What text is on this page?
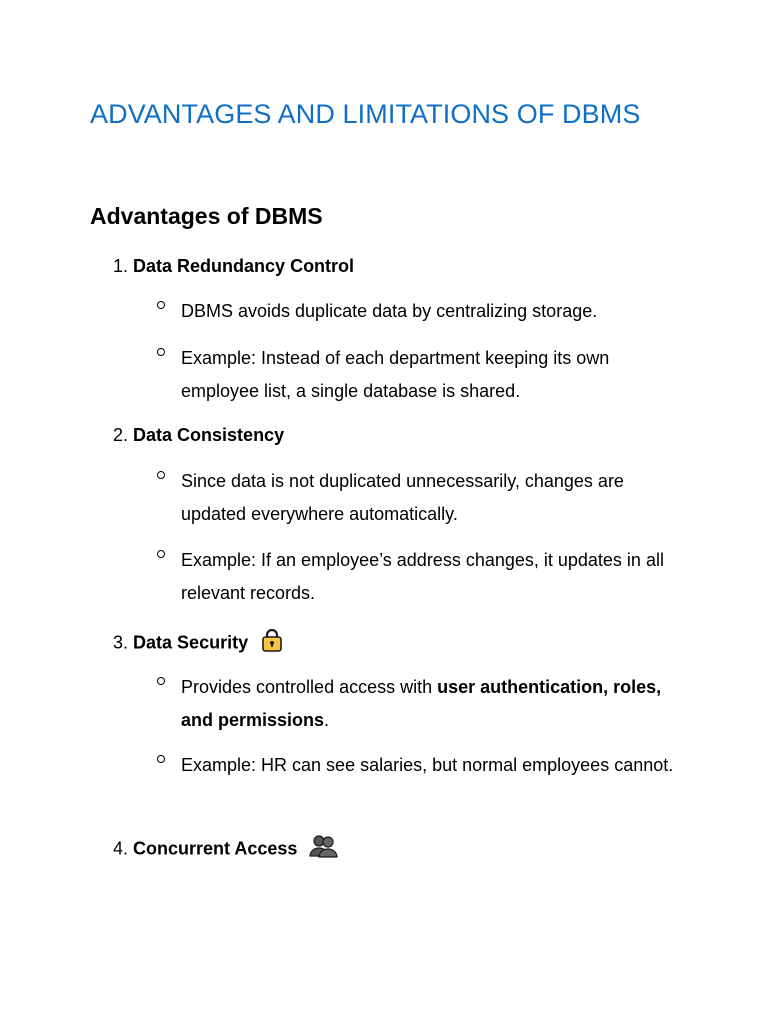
ADVANTAGES AND LIMITATIONS OF DBMS
Advantages of DBMS
1. Data Redundancy Control
DBMS avoids duplicate data by centralizing storage.
Example: Instead of each department keeping its own employee list, a single database is shared.
2. Data Consistency
Since data is not duplicated unnecessarily, changes are updated everywhere automatically.
Example: If an employee’s address changes, it updates in all relevant records.
3. Data Security
Provides controlled access with user authentication, roles, and permissions.
Example: HR can see salaries, but normal employees cannot.
4. Concurrent Access
